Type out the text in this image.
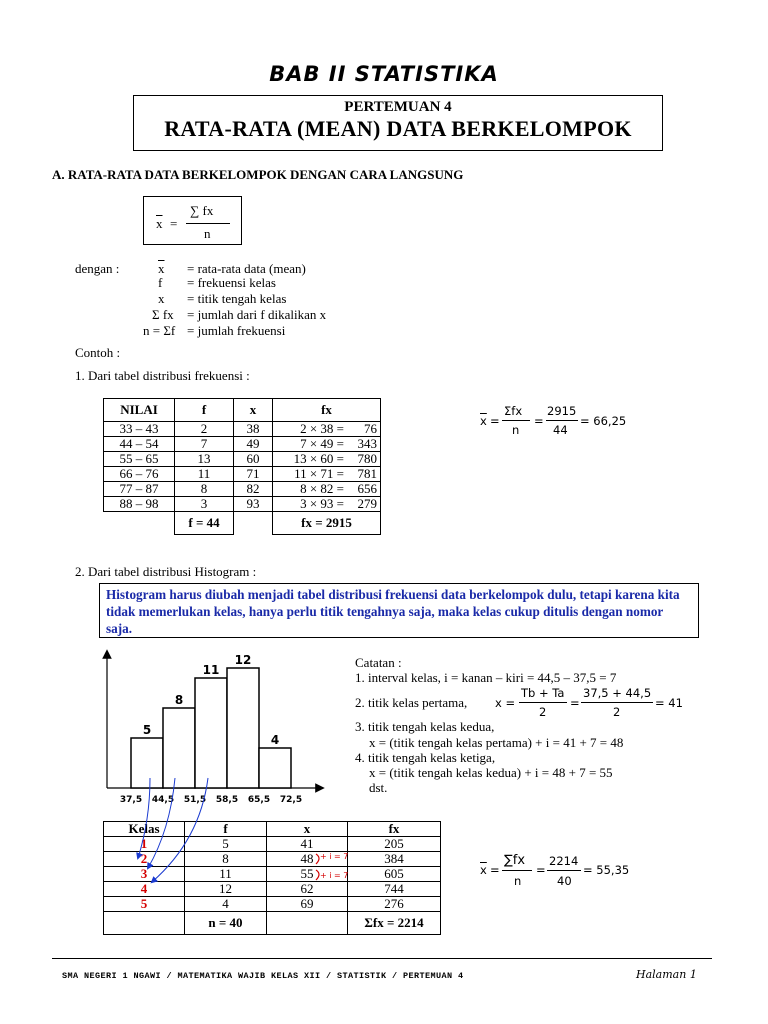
BAB II STATISTIKA
PERTEMUAN 4
RATA-RATA (MEAN) DATA BERKELOMPOK
A. RATA-RATA DATA BERKELOMPOK DENGAN CARA LANGSUNG
$\overline{x}$ =
∑ fx
n
dengan :	$\overline{x}$ = rata-rata data (mean)
f = frekuensi kelas
x = titik tengah kelas
Σ fx = jumlah dari f dikalikan x
n = Σf = jumlah frekuensi
Contoh :
1. Dari tabel distribusi frekuensi :
NILAI	f	x	fx	
33 – 43	2	38	2 × 38 =	76
44 – 54	7	49	7 × 49 =	343
55 – 65	13	60	13 × 60 =	780
66 – 76	11	71	11 × 71 =	781
77 – 87	8	82	8 × 82 =	656
88 – 98	3	93	3 × 93 =	279
	f = 44		fx = 2915	
$\overline{x}$ =
Σfx
n
=
2915
44
= 66,25
2. Dari tabel distribusi Histogram :
Histogram harus diubah menjadi tabel distribusi frekuensi data berkelompok dulu, tetapi karena kita tidak memerlukan kelas, hanya perlu titik tengahnya saja, maka kelas cukup ditulis dengan nomor saja.
5
8
11
12
4
37,5 44,5 51,5 58,5 65,5 72,5
Catatan :
1. interval kelas, i = kanan – kiri = 44,5 – 37,5 = 7
2. titik kelas pertama, x =
Tb + Ta
2
=
37,5 + 44,5
2
= 41
3. titik tengah kelas kedua,
x = (titik tengah kelas pertama) + i = 41 + 7 = 48
4. titik tengah kelas ketiga,
x = (titik tengah kelas kedua) + i = 48 + 7 = 55
dst.
Kelas	f	x	fx
1	5	41	205
2	8	48	384
3	11	55	605
4	12	62	744
5	4	69	276
	n = 40		Σfx = 2214
+ i = 7
+ i = 7	$\overline{x}$ =
∑fx
n
=
2214
40
= 55,35
SMA NEGERI 1 NGAWI / MATEMATIKA WAJIB KELAS XII / STATISTIK / PERTEMUAN 4	Halaman 1
